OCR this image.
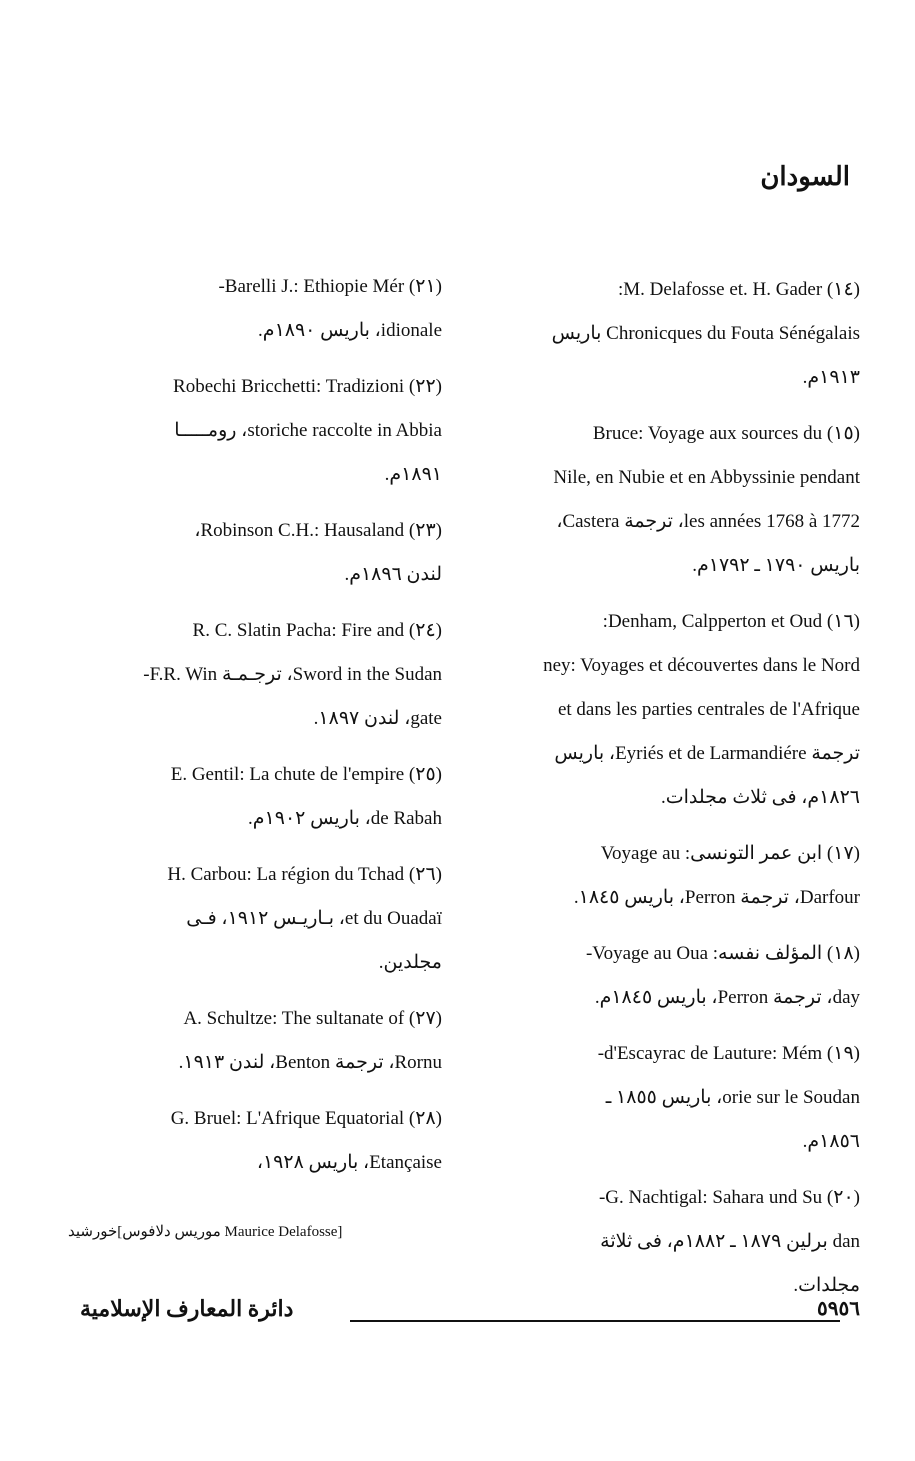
السودان
(١٤) M. Delafosse et. H. Gader:
Chronicques du Fouta Sénégalais باريس
١٩١٣م.
(١٥) Bruce: Voyage aux sources du
Nile, en Nubie et en Abbyssinie pendant
les années 1768 à 1772، ترجمة Castera،
باريس ١٧٩٠ ـ ١٧٩٢م.
(١٦) Denham, Calpperton et Oud:
ney: Voyages et découvertes dans le Nord
et dans les parties centrales de l'Afrique
ترجمة Eyriés et de Larmandiére، باريس
١٨٢٦م، فى ثلاث مجلدات.
(١٧) ابن عمر التونسى: Voyage au
Darfour، ترجمة Perron، باريس ١٨٤٥.
(١٨) المؤلف نفسه: Voyage au Oua-
day، ترجمة Perron، باريس ١٨٤٥م.
(١٩) d'Escayrac de Lauture: Mém-
orie sur le Soudan، باريس ١٨٥٥ ـ
١٨٥٦م.
(٢٠) G. Nachtigal: Sahara und Su-
dan برلين ١٨٧٩ ـ ١٨٨٢م، فى ثلاثة
مجلدات.
(٢١) Barelli J.: Ethiopie Mér-
idionale، باريس ١٨٩٠م.
(٢٢) Robechi Bricchetti: Tradizioni
storiche raccolte in Abbia، رومـــــا
١٨٩١م.
(٢٣) Robinson C.H.: Hausaland،
لندن ١٨٩٦م.
(٢٤) R. C. Slatin Pacha: Fire and
Sword in the Sudan، ترجـمـة F.R. Win-
gate، لندن ١٨٩٧.
(٢٥) E. Gentil: La chute de l'empire
de Rabah، باريس ١٩٠٢م.
(٢٦) H. Carbou: La région du Tchad
et du Ouadaï، بـاريـس ١٩١٢، فـى
مجلدين.
(٢٧) A. Schultze: The sultanate of
Rornu، ترجمة Benton، لندن ١٩١٣.
(٢٨) G. Bruel: L'Afrique Equatorial
Etançaise، باريس ١٩٢٨،
خورشيد[موريس دلافوس Maurice Delafosse]
دائرة المعارف الإسلامية	٥٩٥٦
